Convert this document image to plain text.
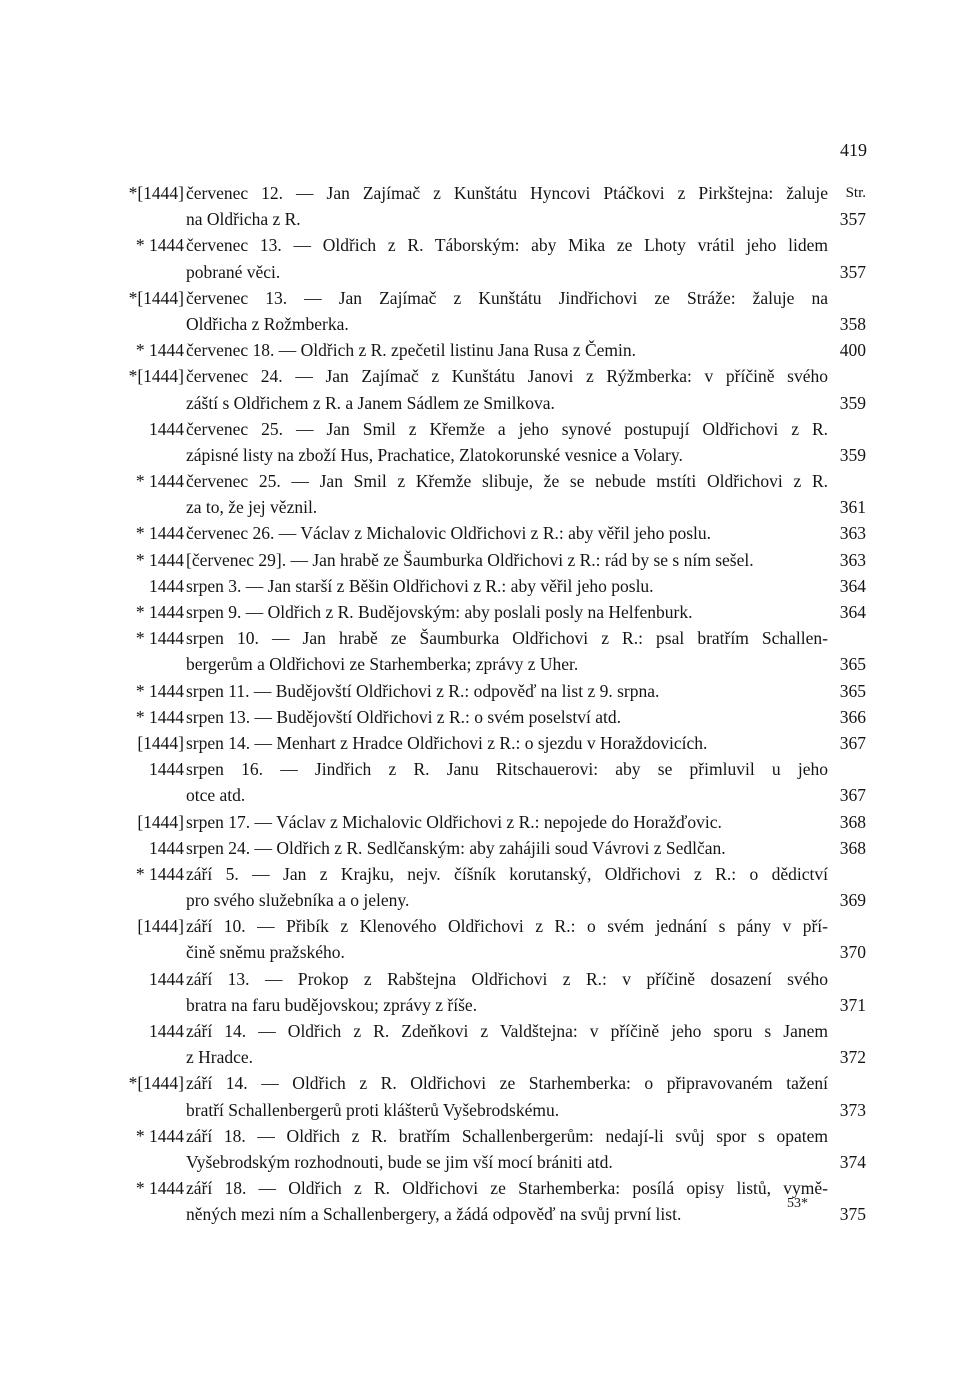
419
*[1444] červenec 12. — Jan Zajímač z Kunštátu Hyncovi Ptáčkovi z Pirkštejna: žaluje	Str.
na Oldřicha z R.	357
* 1444 červenec 13. — Oldřich z R. Táborským: aby Mika ze Lhoty vrátil jeho lidem
pobrané věci.	357
*[1444] červenec 13. — Jan Zajímač z Kunštátu Jindřichovi ze Stráže: žaluje na
Oldřicha z Rožmberka.	358
* 1444 červenec 18. — Oldřich z R. zpečetil listinu Jana Rusa z Čemin.	400
*[1444] červenec 24. — Jan Zajímač z Kunštátu Janovi z Rýžmberka: v příčině svého
záští s Oldřichem z R. a Janem Sádlem ze Smilkova.	359
1444 červenec 25. — Jan Smil z Křemže a jeho synové postupují Oldřichovi z R.
zápisné listy na zboží Hus, Prachatice, Zlatokorunské vesnice a Volary.	359
* 1444 červenec 25. — Jan Smil z Křemže slibuje, že se nebude mstíti Oldřichovi z R.
za to, že jej věznil.	361
* 1444 červenec 26. — Václav z Michalovic Oldřichovi z R.: aby věřil jeho poslu.	363
* 1444 [červenec 29]. — Jan hrabě ze Šaumburka Oldřichovi z R.: rád by se s ním sešel.	363
1444 srpen 3. — Jan starší z Běšin Oldřichovi z R.: aby věřil jeho poslu.	364
* 1444 srpen 9. — Oldřich z R. Budějovským: aby poslali posly na Helfenburk.	364
* 1444 srpen 10. — Jan hrabě ze Šaumburka Oldřichovi z R.: psal bratřím Schallen-
bergerům a Oldřichovi ze Starhemberka; zprávy z Uher.	365
* 1444 srpen 11. — Budějovští Oldřichovi z R.: odpověď na list z 9. srpna.	365
* 1444 srpen 13. — Budějovští Oldřichovi z R.: o svém poselství atd.	366
[1444] srpen 14. — Menhart z Hradce Oldřichovi z R.: o sjezdu v Horaždovicích.	367
1444 srpen 16. — Jindřich z R. Janu Ritschauerovi: aby se přimluvil u jeho
otce atd.	367
[1444] srpen 17. — Václav z Michalovic Oldřichovi z R.: nepojede do Horažďovic.	368
1444 srpen 24. — Oldřich z R. Sedlčanským: aby zahájili soud Vávrovi z Sedlčan.	368
* 1444 září 5. — Jan z Krajku, nejv. číšník korutanský, Oldřichovi z R.: o dědictví
pro svého služebníka a o jeleny.	369
[1444] září 10. — Přibík z Klenového Oldřichovi z R.: o svém jednání s pány v pří-
čině sněmu pražského.	370
1444 září 13. — Prokop z Rabštejna Oldřichovi z R.: v příčině dosazení svého
bratra na faru budějovskou; zprávy z říše.	371
1444 září 14. — Oldřich z R. Zdeňkovi z Valdštejna: v příčině jeho sporu s Janem
z Hradce.	372
*[1444] září 14. — Oldřich z R. Oldřichovi ze Starhemberka: o připravovaném tažení
bratří Schallenbergerů proti klášterů Vyšebrodskému.	373
* 1444 září 18. — Oldřich z R. bratřím Schallenbergerům: nedají-li svůj spor s opatem
Vyšebrodským rozhodnouti, bude se jim vší mocí brániti atd.	374
* 1444 září 18. — Oldřich z R. Oldřichovi ze Starhemberka: posílá opisy listů, vymě-
něných mezi ním a Schallenbergery, a žádá odpověď na svůj první list.	375
53*
